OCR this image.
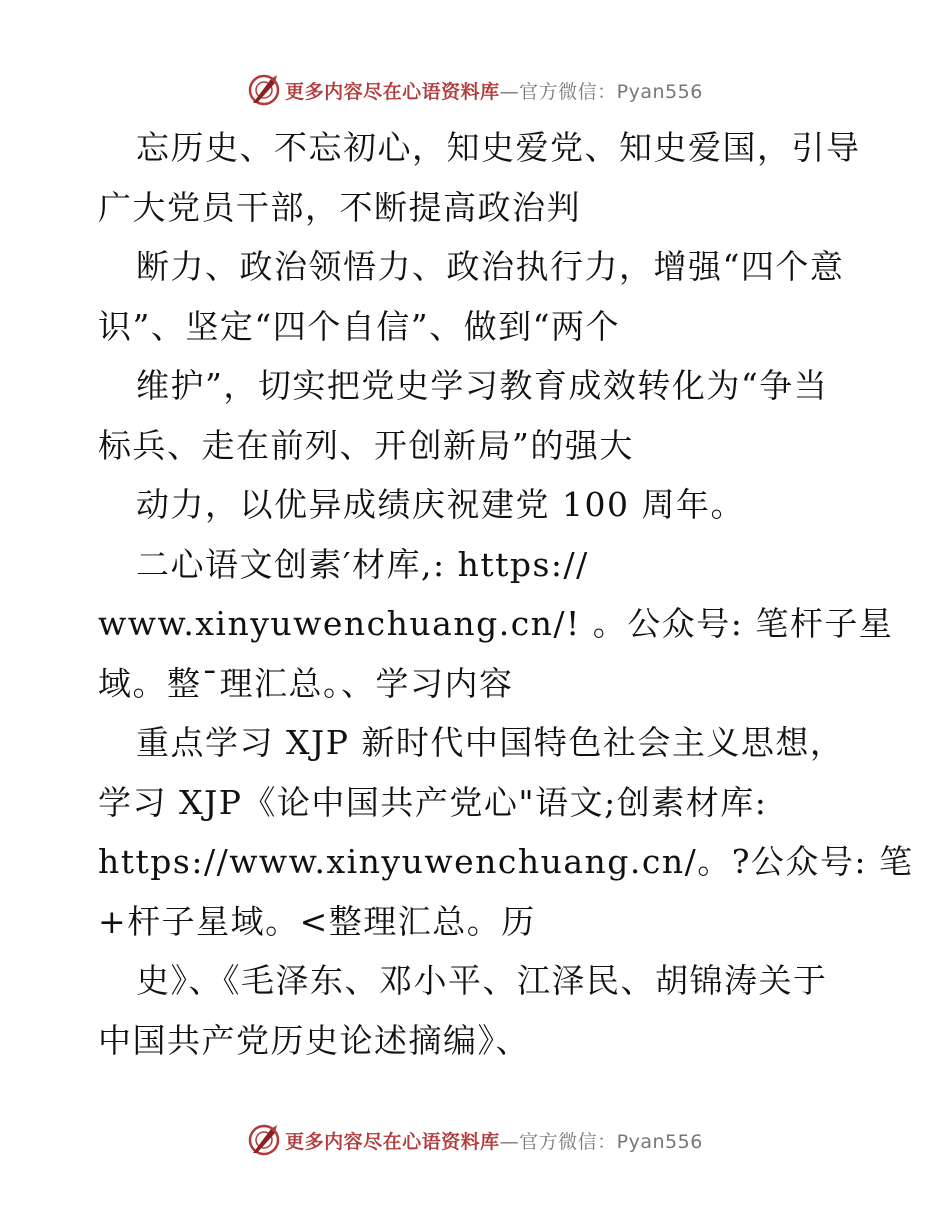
更多内容尽在心语资料库—官方微信：Pyan556
忘历史、不忘初心，知史爱党、知史爱国，引导
广大党员干部，不断提高政治判
断力、政治领悟力、政治执行力，增强“四个意
识”、坚定“四个自信”、做到“两个
维护”，切实把党史学习教育成效转化为“争当
标兵、走在前列、开创新局”的强大
动力，以优异成绩庆祝建党 100 周年。
二心语文创素′材库,: https://
www.xinyuwenchuang.cn/! 。公众号: 笔杆子星
域。整¯理汇总。、学习内容
重点学习 XJP 新时代中国特色社会主义思想，
学习 XJP《论中国共产党心"语文;创素材库:
https://www.xinyuwenchuang.cn/。?公众号: 笔
+杆子星域。<整理汇总。历
史》、《毛泽东、邓小平、江泽民、胡锦涛关于
中国共产党历史论述摘编》、
更多内容尽在心语资料库—官方微信：Pyan556
